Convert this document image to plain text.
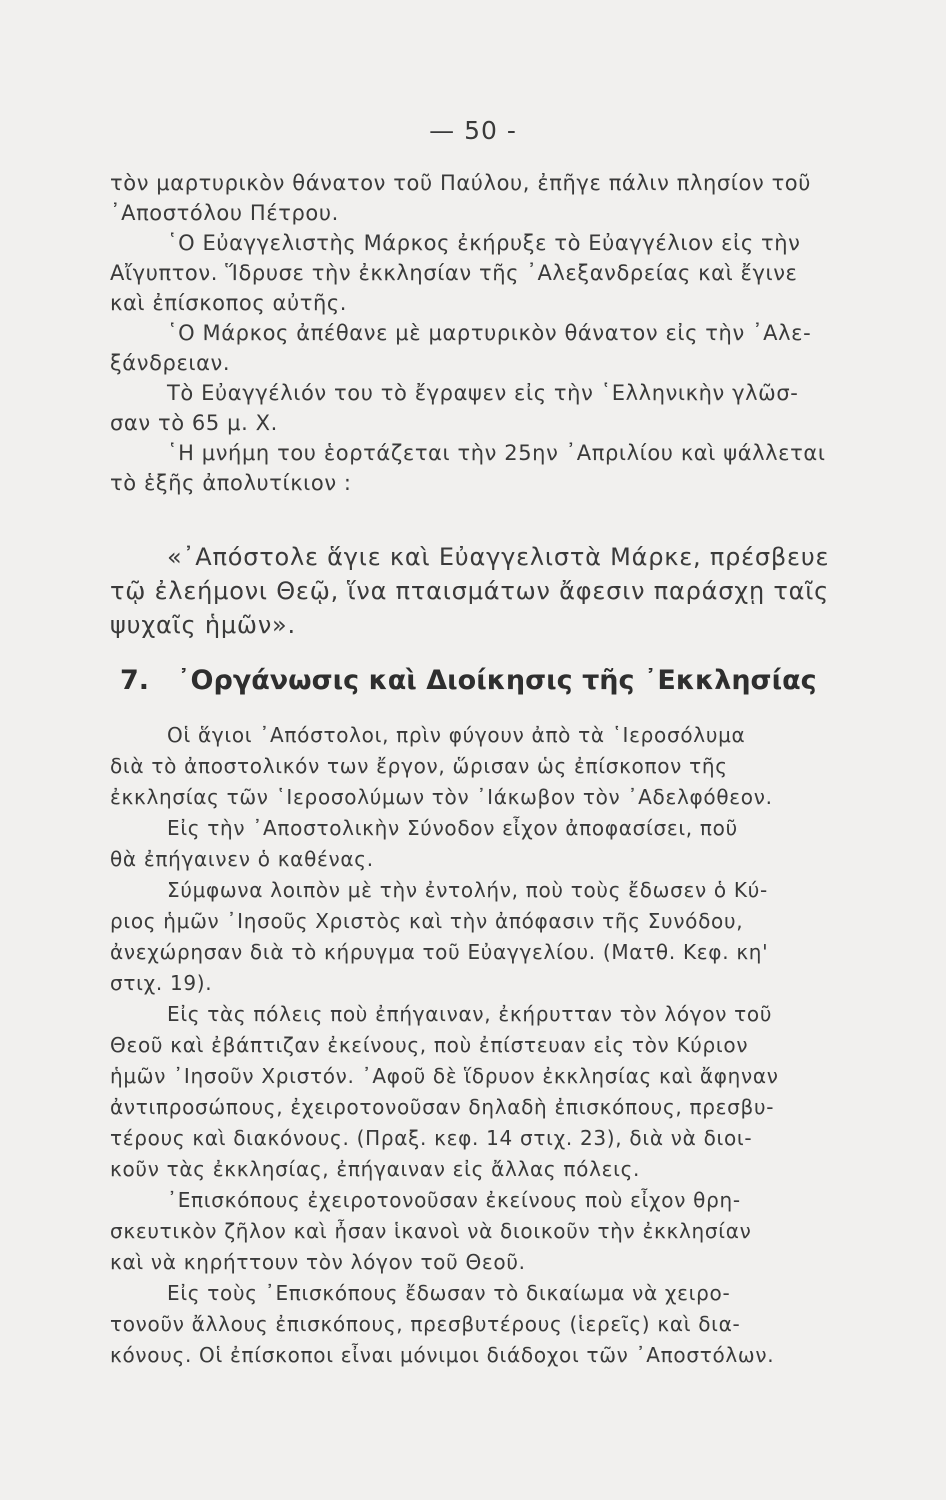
— 50 -
τὸν μαρτυρικὸν θάνατον τοῦ Παύλου, ἐπῆγε πάλιν πλησίον τοῦ
᾿Αποστόλου Πέτρου.
῾Ο Εὐαγγελιστὴς Μάρκος ἐκήρυξε τὸ Εὐαγγέλιον εἰς τὴν
Αἴγυπτον. Ἵδρυσε τὴν ἐκκλησίαν τῆς ᾿Αλεξανδρείας καὶ ἔγινε
καὶ ἐπίσκοπος αὐτῆς.
῾Ο Μάρκος ἀπέθανε μὲ μαρτυρικὸν θάνατον εἰς τὴν ᾿Αλε-
ξάνδρειαν.
Τὸ Εὐαγγέλιόν του τὸ ἔγραψεν εἰς τὴν ῾Ελληνικὴν γλῶσ-
σαν τὸ 65 μ. Χ.
῾Η μνήμη του ἑορτάζεται τὴν 25ην ᾿Απριλίου καὶ ψάλλεται
τὸ ἑξῆς ἀπολυτίκιον :
«᾿Απόστολε ἅγιε καὶ Εὐαγγελιστὰ Μάρκε, πρέσβευε
τῷ ἐλεήμονι Θεῷ, ἵνα πταισμάτων ἄφεσιν παράσχῃ ταῖς
ψυχαῖς ἡμῶν».
7. ᾿Οργάνωσις καὶ Διοίκησις τῆς ᾿Εκκλησίας
Οἱ ἅγιοι ᾿Απόστολοι, πρὶν φύγουν ἀπὸ τὰ ῾Ιεροσόλυμα
διὰ τὸ ἀποστολικόν των ἔργον, ὥρισαν ὡς ἐπίσκοπον τῆς
ἐκκλησίας τῶν ῾Ιεροσολύμων τὸν ᾿Ιάκωβον τὸν ᾿Αδελφόθεον.
Εἰς τὴν ᾿Αποστολικὴν Σύνοδον εἶχον ἀποφασίσει, ποῦ
θὰ ἐπήγαινεν ὁ καθένας.
Σύμφωνα λοιπὸν μὲ τὴν ἐντολήν, ποὺ τοὺς ἔδωσεν ὁ Κύ-
ριος ἡμῶν ᾿Ιησοῦς Χριστὸς καὶ τὴν ἀπόφασιν τῆς Συνόδου,
ἀνεχώρησαν διὰ τὸ κήρυγμα τοῦ Εὐαγγελίου. (Ματθ. Κεφ. κη'
στιχ. 19).
Εἰς τὰς πόλεις ποὺ ἐπήγαιναν, ἐκήρυτταν τὸν λόγον τοῦ
Θεοῦ καὶ ἐβάπτιζαν ἐκείνους, ποὺ ἐπίστευαν εἰς τὸν Κύριον
ἡμῶν ᾿Ιησοῦν Χριστόν. ᾿Αφοῦ δὲ ἵδρυον ἐκκλησίας καὶ ἄφηναν
ἀντιπροσώπους, ἐχειροτονοῦσαν δηλαδὴ ἐπισκόπους, πρεσβυ-
τέρους καὶ διακόνους. (Πραξ. κεφ. 14 στιχ. 23), διὰ νὰ διοι-
κοῦν τὰς ἐκκλησίας, ἐπήγαιναν εἰς ἄλλας πόλεις.
᾿Επισκόπους ἐχειροτονοῦσαν ἐκείνους ποὺ εἶχον θρη-
σκευτικὸν ζῆλον καὶ ἦσαν ἱκανοὶ νὰ διοικοῦν τὴν ἐκκλησίαν
καὶ νὰ κηρήττουν τὸν λόγον τοῦ Θεοῦ.
Εἰς τοὺς ᾿Επισκόπους ἔδωσαν τὸ δικαίωμα νὰ χειρο-
τονοῦν ἄλλους ἐπισκόπους, πρεσβυτέρους (ἱερεῖς) καὶ δια-
κόνους. Οἱ ἐπίσκοποι εἶναι μόνιμοι διάδοχοι τῶν ᾿Αποστόλων.
